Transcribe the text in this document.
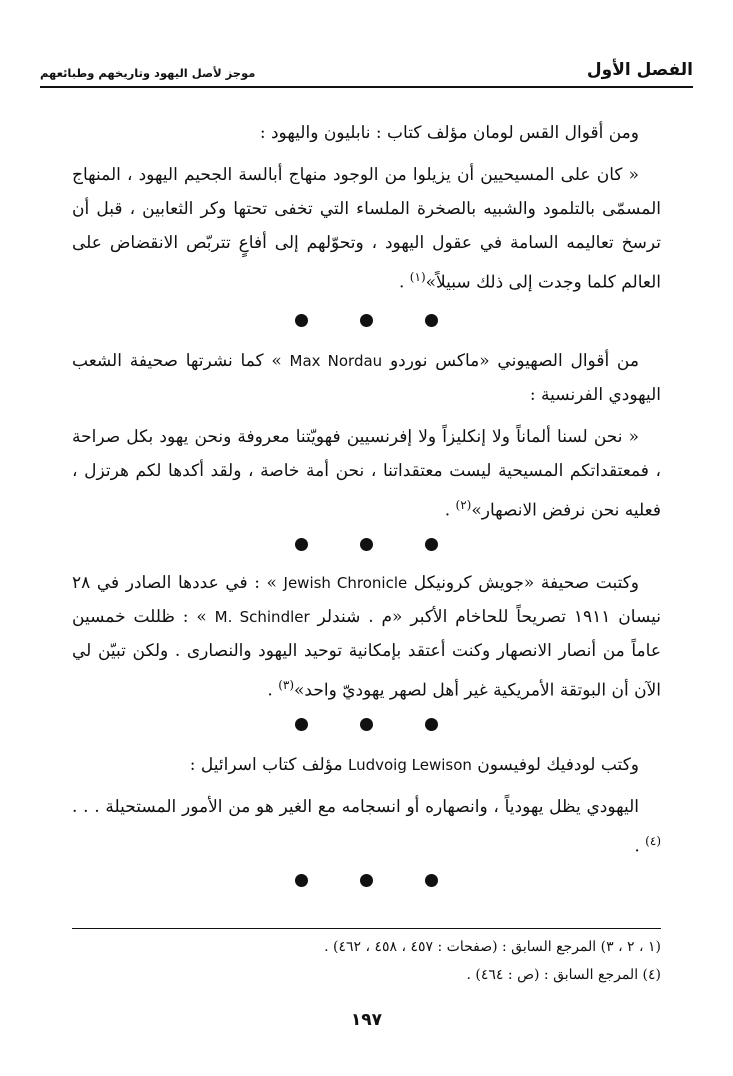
الفصل الأول
موجز لأصل اليهود وتاريخهم وطبائعهم
ومن أقوال القس لومان مؤلف كتاب : نابليون واليهود :
« كان على المسيحيين أن يزيلوا من الوجود منهاج أبالسة الجحيم اليهود ، المنهاج المسمّى بالتلمود والشبيه بالصخرة الملساء التي تخفى تحتها وكر الثعابين ، قبل أن ترسخ تعاليمه السامة في عقول اليهود ، وتحوّلهم إلى أفاعٍ تتربّص الانقضاض على العالم كلما وجدت إلى ذلك سبيلاً»$^{(١)}$ .
من أقوال الصهيوني «ماكس نوردو Max Nordau » كما نشرتها صحيفة الشعب اليهودي الفرنسية :
« نحن لسنا ألماناً ولا إنكليزاً ولا إفرنسيين فهويّتنا معروفة ونحن يهود بكل صراحة ، فمعتقداتكم المسيحية ليست معتقداتنا ، نحن أمة خاصة ، ولقد أكدها لكم هرتزل ، فعليه نحن نرفض الانصهار»$^{(٢)}$ .
وكتبت صحيفة «جويش كرونيكل Jewish Chronicle » : في عددها الصادر في ٢٨ نيسان ١٩١١ تصريحاً للحاخام الأكبر «م . شندلر M. Schindler » : ظللت خمسين عاماً من أنصار الانصهار وكنت أعتقد بإمكانية توحيد اليهود والنصارى . ولكن تبيّن لي الآن أن البوتقة الأمريكية غير أهل لصهر يهوديّ واحد»$^{(٣)}$ .
وكتب لودفيك لوفيسون Ludvoig Lewison مؤلف كتاب اسرائيل :
اليهودي يظل يهودياً ، وانصهاره أو انسجامه مع الغير هو من الأمور المستحيلة . . .$^{(٤)}$ .
(١ ، ٢ ، ٣) المرجع السابق : (صفحات : ٤٥٧ ، ٤٥٨ ، ٤٦٢) .
(٤) المرجع السابق : (ص : ٤٦٤) .
١٩٧
